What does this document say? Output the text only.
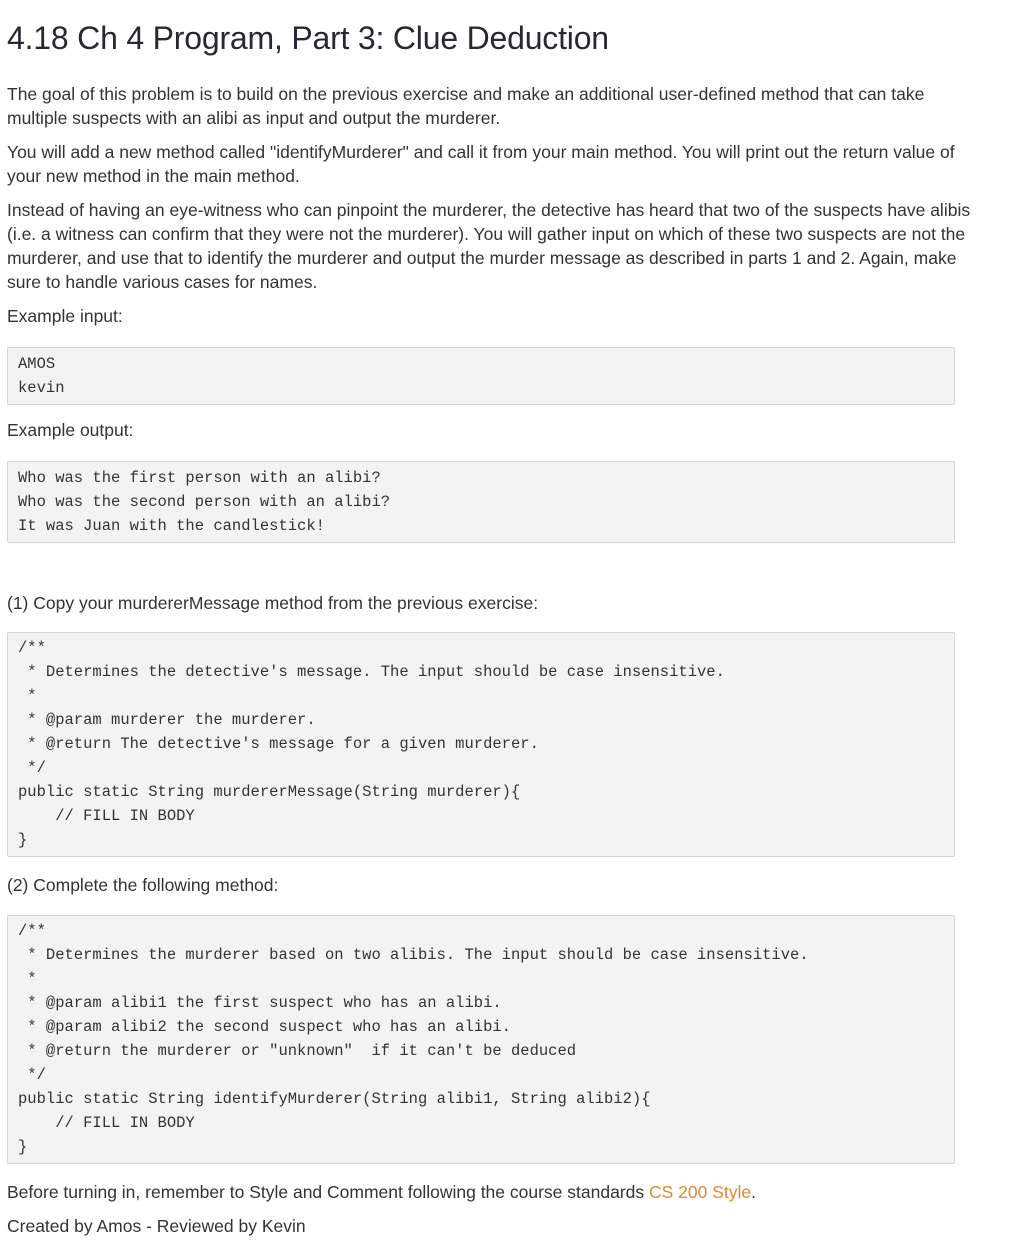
4.18 Ch 4 Program, Part 3: Clue Deduction

The goal of this problem is to build on the previous exercise and make an additional user-defined method that can take multiple suspects with an alibi as input and output the murderer.

You will add a new method called "identifyMurderer" and call it from your main method. You will print out the return value of your new method in the main method.

Instead of having an eye-witness who can pinpoint the murderer, the detective has heard that two of the suspects have alibis (i.e. a witness can confirm that they were not the murderer). You will gather input on which of these two suspects are not the murderer, and use that to identify the murderer and output the murder message as described in parts 1 and 2. Again, make sure to handle various cases for names.

Example input:

AMOS
kevin

Example output:

Who was the first person with an alibi?
Who was the second person with an alibi?
It was Juan with the candlestick!

(1) Copy your murdererMessage method from the previous exercise:

/**
* Determines the detective's message. The input should be case insensitive.
*
* @param murderer the murderer.
* @return The detective's message for a given murderer.
*/
public static String murdererMessage(String murderer){
// FILL IN BODY
}

(2) Complete the following method:

/**
* Determines the murderer based on two alibis. The input should be case insensitive.
*
* @param alibi1 the first suspect who has an alibi.
* @param alibi2 the second suspect who has an alibi.
* @return the murderer or "unknown"  if it can't be deduced
*/
public static String identifyMurderer(String alibi1, String alibi2){
// FILL IN BODY
}

Before turning in, remember to Style and Comment following the course standards CS 200 Style.

Created by Amos - Reviewed by Kevin
